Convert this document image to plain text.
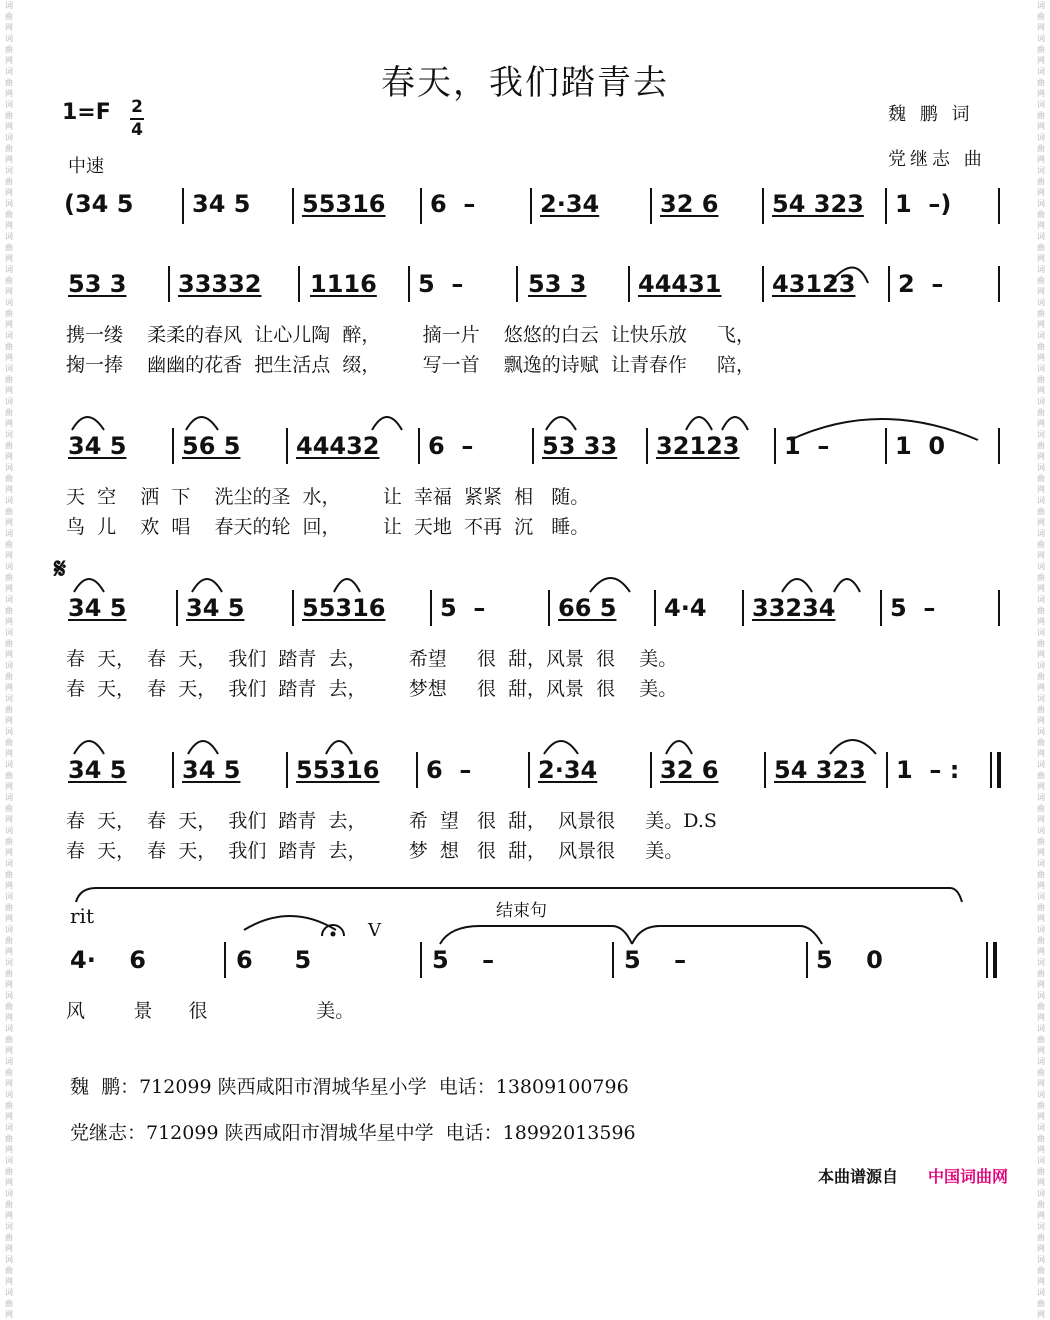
词曲网词曲网词曲网词曲网词曲网词曲网词曲网词曲网词曲网词曲网词曲网词曲网词曲网词曲网词曲网词曲网词曲网词曲网词曲网词曲网词曲网词曲网词曲网词曲网词曲网词曲网词曲网词曲网词曲网词曲网词曲网词曲网词曲网词曲网词曲网词曲网词曲网词曲网词曲网词曲网
词曲网词曲网词曲网词曲网词曲网词曲网词曲网词曲网词曲网词曲网词曲网词曲网词曲网词曲网词曲网词曲网词曲网词曲网词曲网词曲网词曲网词曲网词曲网词曲网词曲网词曲网词曲网词曲网词曲网词曲网词曲网词曲网词曲网词曲网词曲网词曲网词曲网词曲网词曲网词曲网
春天，我们踏青去
1=F 2
4
中速
魏 鹏 词
党继志 曲
(34 5 34 5 55316 6  –	2·34	32 6 54 323 1  –)
53 3 33332 1116 5  –	53 3 44431 43123 2  –
携一缕    柔柔的春风  让心儿陶  醉，       摘一片    悠悠的白云  让快乐放     飞，
掬一捧    幽幽的花香  把生活点  缀，       写一首    飘逸的诗赋  让青春作     陪，
34 5 56 5 44432 6  –	53 33 32123 1  –	1  0
天  空    洒  下    洗尘的圣  水，       让  幸福  紧紧  相   随。
鸟  儿    欢  唱    春天的轮  回，       让  天地  不再  沉   睡。
𝄋
34 5 34 5 55316 5  –	66 5 4·4 33234 5  –
春  天，  春  天，  我们  踏青  去，       希望     很  甜，风景  很    美。
春  天，  春  天，  我们  踏青  去，       梦想     很  甜，风景  很    美。
34 5 34 5 55316 6  –	2·34	32 6 54 323 1  – :
春  天，  春  天，  我们  踏青  去，       希  望   很  甜，  风景很     美。D.S
春  天，  春  天，  我们  踏青  去，       梦  想   很  甜，  风景很     美。
rit	结束句
V
4·    6	6     5	5    –	5    –	5    0
风        景      很                  美。
魏  鹏：712099 陕西咸阳市渭城华星小学  电话：13809100796
党继志：712099 陕西咸阳市渭城华星中学  电话：18992013596
本曲谱源自 中国词曲网
